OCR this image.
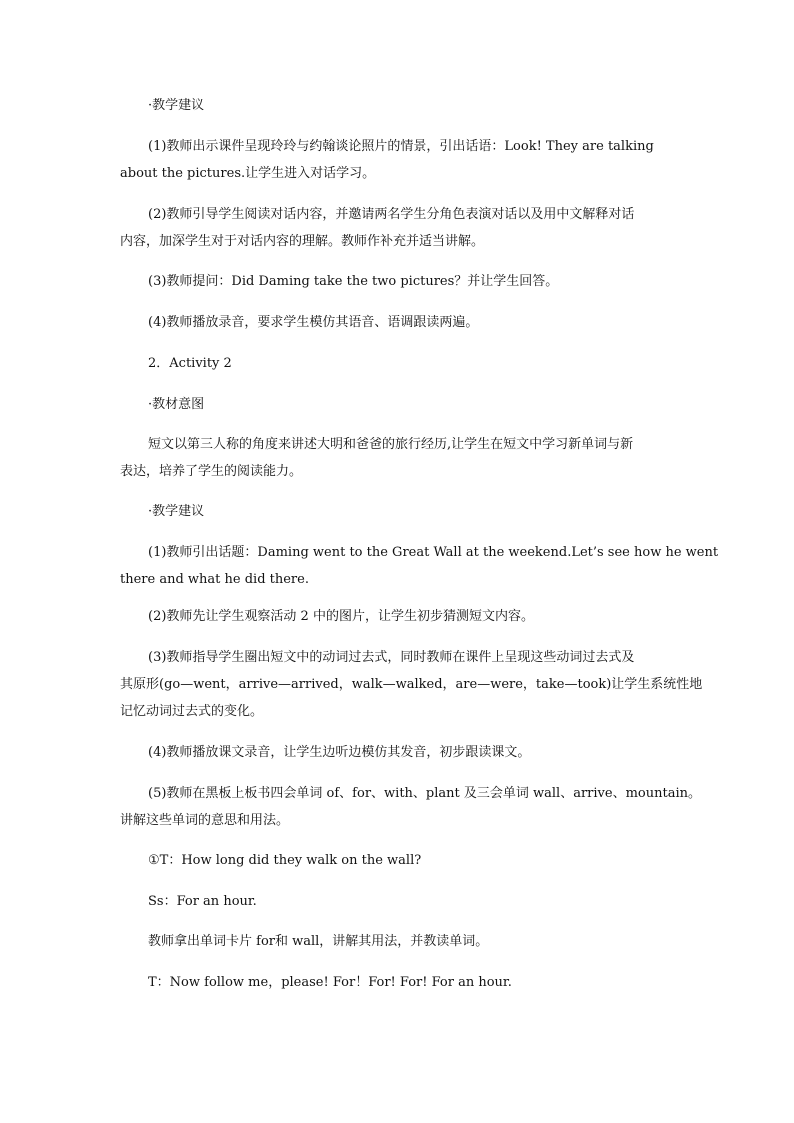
·教学建议

(1)教师出示课件呈现玲玲与约翰谈论照片的情景，引出话语：Look! They are talking
about the pictures.让学生进入对话学习。

(2)教师引导学生阅读对话内容，并邀请两名学生分角色表演对话以及用中文解释对话
内容，加深学生对于对话内容的理解。教师作补充并适当讲解。

(3)教师提问：Did Daming take the two pictures？并让学生回答。

(4)教师播放录音，要求学生模仿其语音、语调跟读两遍。

2．Activity 2

·教材意图

短文以第三人称的角度来讲述大明和爸爸的旅行经历,让学生在短文中学习新单词与新
表达，培养了学生的阅读能力。

·教学建议

(1)教师引出话题：Daming went to the Great Wall at the weekend.Let’s see how he went
there and what he did there.

(2)教师先让学生观察活动 2 中的图片，让学生初步猜测短文内容。

(3)教师指导学生圈出短文中的动词过去式，同时教师在课件上呈现这些动词过去式及
其原形(go—went，arrive—arrived，walk—walked，are—were，take—took)让学生系统性地
记忆动词过去式的变化。

(4)教师播放课文录音，让学生边听边模仿其发音，初步跟读课文。

(5)教师在黑板上板书四会单词 of、for、with、plant 及三会单词 wall、arrive、mountain。
讲解这些单词的意思和用法。

①T：How long did they walk on the wall?

Ss：For an hour.

教师拿出单词卡片 for和 wall，讲解其用法，并教读单词。

T：Now follow me，please! For！For! For! For an hour.
